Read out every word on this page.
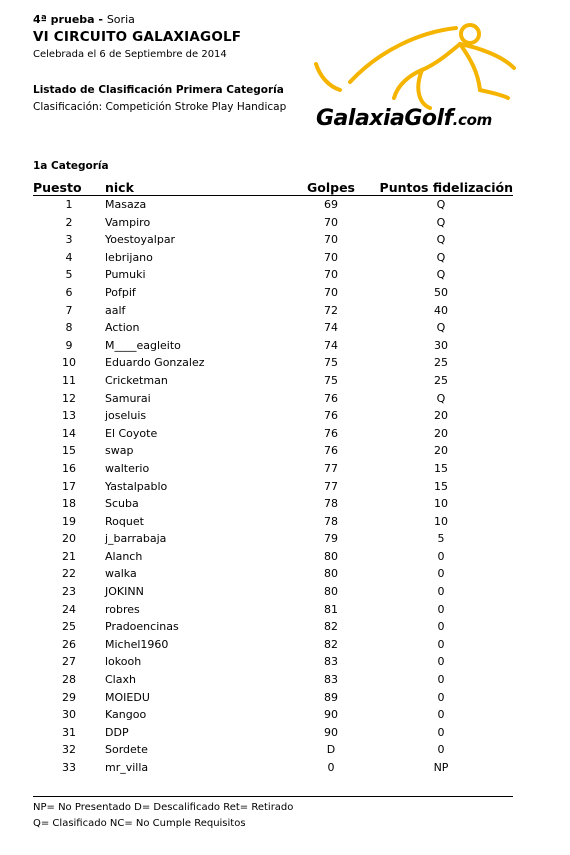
4ª prueba - Soria
VI CIRCUITO GALAXIAGOLF
Celebrada el 6 de Septiembre de 2014
Listado de Clasificación Primera Categoría
Clasificación: Competición Stroke Play Handicap	GalaxiaGolf.com
1a Categoría
Puesto	nick	Golpes	Puntos fidelización
1	Masaza	69	Q
2	Vampiro	70	Q
3	Yoestoyalpar	70	Q
4	lebrijano	70	Q
5	Pumuki	70	Q
6	Pofpif	70	50
7	aalf	72	40
8	Action	74	Q
9	M____eagleito	74	30
10	Eduardo Gonzalez	75	25
11	Cricketman	75	25
12	Samurai	76	Q
13	joseluis	76	20
14	El Coyote	76	20
15	swap	76	20
16	walterio	77	15
17	Yastalpablo	77	15
18	Scuba	78	10
19	Roquet	78	10
20	j_barrabaja	79	5
21	Alanch	80	0
22	walka	80	0
23	JOKINN	80	0
24	robres	81	0
25	Pradoencinas	82	0
26	Michel1960	82	0
27	lokooh	83	0
28	Claxh	83	0
29	MOIEDU	89	0
30	Kangoo	90	0
31	DDP	90	0
32	Sordete	D	0
33	mr_villa	0	NP
NP= No Presentado D= Descalificado Ret= Retirado
Q= Clasificado NC= No Cumple Requisitos
